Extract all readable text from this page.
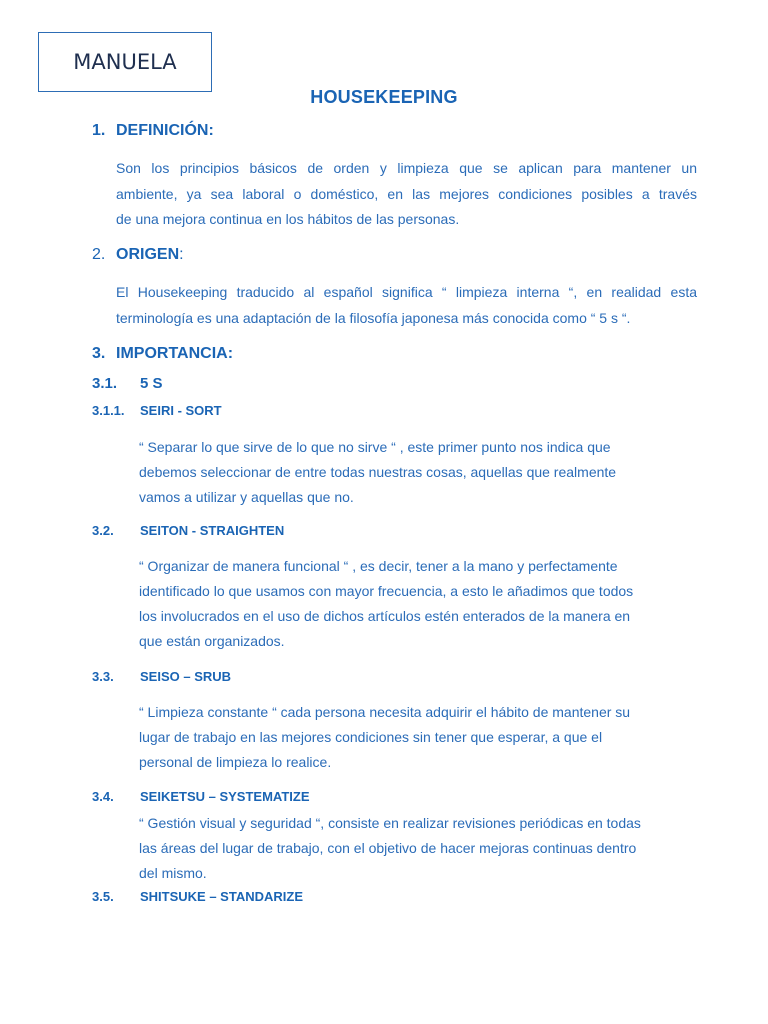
MANUELA
HOUSEKEEPING
1. DEFINICIÓN:
Son los principios básicos de orden y limpieza que se aplican para mantener un
ambiente, ya sea laboral o doméstico, en las mejores condiciones posibles a través
de una mejora continua en los hábitos de las personas.
2. ORIGEN:
El Housekeeping traducido al español significa “ limpieza interna “, en realidad esta
terminología es una adaptación de la filosofía japonesa más conocida como “ 5 s “.
3. IMPORTANCIA:
3.1. 5 S
3.1.1. SEIRI - SORT
“ Separar lo que sirve de lo que no sirve “ , este primer punto nos indica que
debemos seleccionar de entre todas nuestras cosas, aquellas que realmente
vamos a utilizar y aquellas que no.
3.2. SEITON - STRAIGHTEN
“ Organizar de manera funcional “ , es decir, tener a la mano y perfectamente
identificado lo que usamos con mayor frecuencia, a esto le añadimos que todos
los involucrados en el uso de dichos artículos estén enterados de la manera en
que están organizados.
3.3. SEISO – SRUB
“ Limpieza constante “ cada persona necesita adquirir el hábito de mantener su
lugar de trabajo en las mejores condiciones sin tener que esperar, a que el
personal de limpieza lo realice.
3.4. SEIKETSU – SYSTEMATIZE
“ Gestión visual y seguridad “, consiste en realizar revisiones periódicas en todas
las áreas del lugar de trabajo, con el objetivo de hacer mejoras continuas dentro
del mismo.
3.5. SHITSUKE – STANDARIZE
